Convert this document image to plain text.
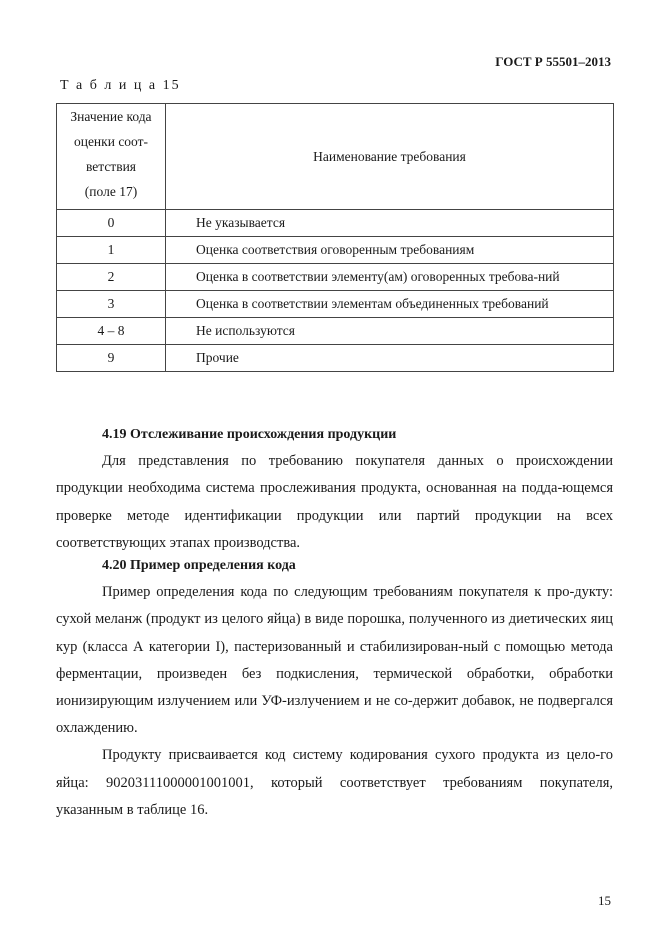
ГОСТ Р 55501–2013
Т а б л и ц а 15
Значение кода
оценки соот-
ветствия
(поле 17)	Наименование требования
0	Не указывается
1	Оценка соответствия оговоренным требованиям
2	Оценка в соответствии элементу(ам) оговоренных требова-ний
3	Оценка в соответствии элементам объединенных требований
4 – 8	Не используются
9	Прочие

4.19 Отслеживание происхождения продукции

Для представления по требованию покупателя данных о происхождении продукции необходима система прослеживания продукта, основанная на подда-ющемся проверке методе идентификации продукции или партий продукции на всех соответствующих этапах производства.

4.20 Пример определения кода

Пример определения кода по следующим требованиям покупателя к про-дукту: сухой меланж (продукт из целого яйца) в виде порошка, полученного из диетических яиц кур (класса А категории I), пастеризованный и стабилизирован-ный с помощью метода ферментации, произведен без подкисления, термической обработки, обработки ионизирующим излучением или УФ-излучением и не со-держит добавок, не подвергался охлаждению.

Продукту присваивается код систему кодирования сухого продукта из цело-го яйца: 90203111000001001001, который соответствует требованиям покупателя, указанным в таблице 16.

15
